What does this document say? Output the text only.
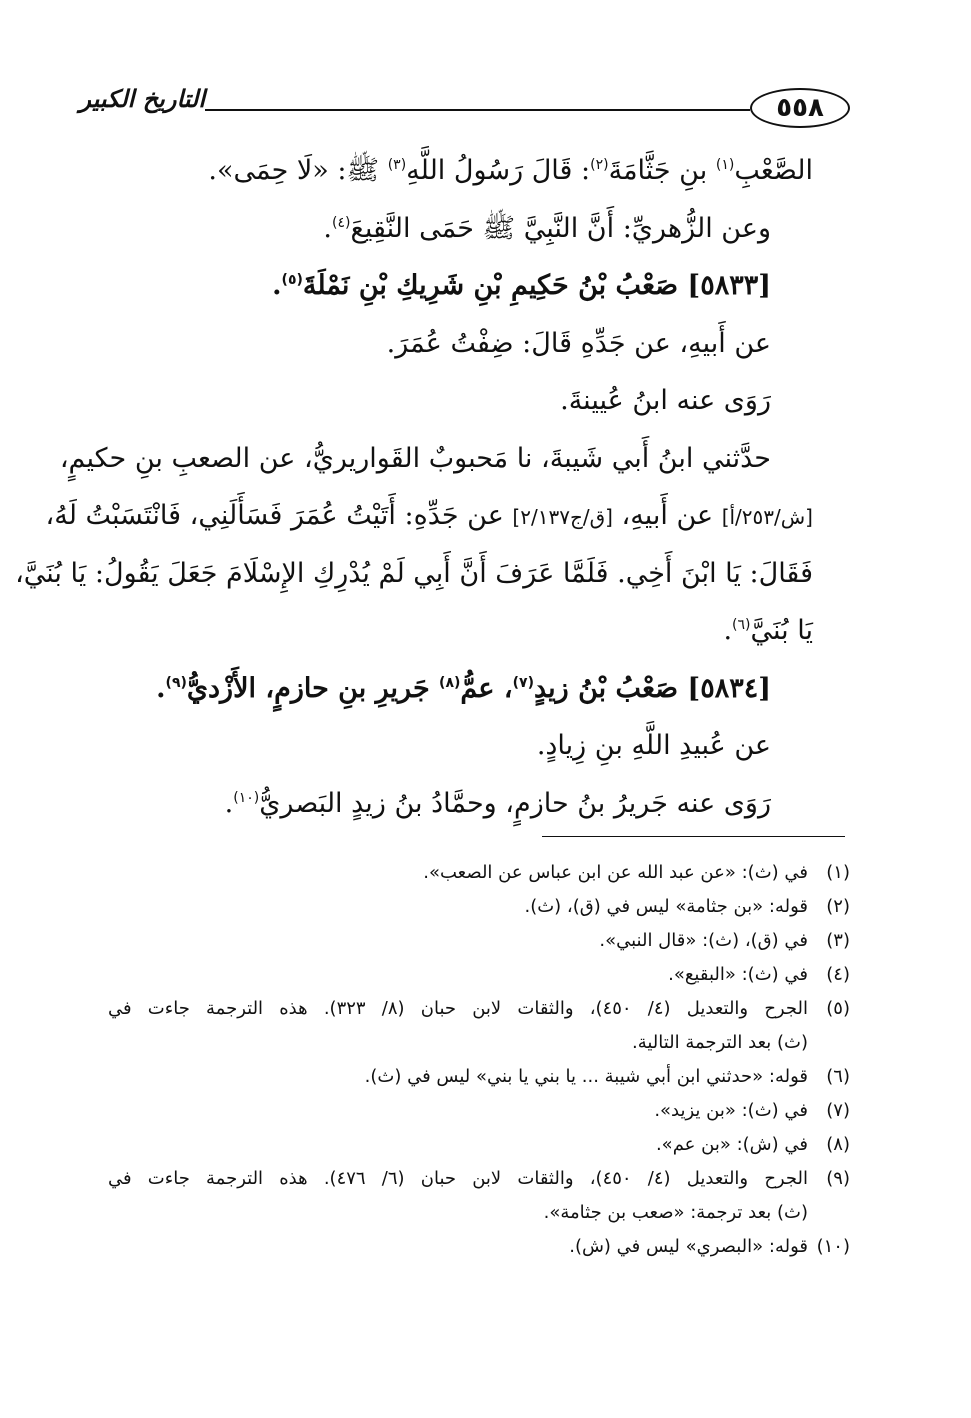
٥٥٨
التاريخ الكبير
الصَّعْبِ$^{(١)}$ بنِ جَثَّامَةَ$^{(٢)}$: قَالَ رَسُولُ اللَّهِ$^{(٣)}$ ﷺ: «لَا حِمَى».
وعن الزُّهريِّ: أَنَّ النَّبِيَّ ﷺ حَمَى النَّقِيعَ$^{(٤)}$.
[٥٨٣٣] صَعْبُ بْنُ حَكِيمِ بْنِ شَرِيكِ بْنِ نَمْلَةَ$^{(٥)}$.
عن أَبيهِ، عن جَدِّهِ قَالَ: ضِفْتُ عُمَرَ.
رَوَى عنه ابنُ عُيينةَ.
حدَّثني ابنُ أَبي شَيبةَ، نا مَحبوبٌ القَواريريُّ، عن الصعبِ بنِ حكيمٍ،
[ش/٢٥٣/أ] عن أَبيهِ، [ق/ج٢/١٣٧] عن جَدِّهِ: أَتَيْتُ عُمَرَ فَسَأَلَنِي، فَانْتَسَبْتُ لَهُ،
فَقَالَ: يَا ابْنَ أَخِي. فَلَمَّا عَرَفَ أَنَّ أَبِي لَمْ يُدْرِكِ الإِسْلَامَ جَعَلَ يَقُولُ: يَا بُنَيَّ،
يَا بُنَيَّ$^{(٦)}$.
[٥٨٣٤] صَعْبُ بْنُ زيدٍ$^{(٧)}$، عمُّ$^{(٨)}$ جَريرِ بنِ حازمٍ، الأَزْديُّ$^{(٩)}$.
عن عُبيدِ اللَّهِ بنِ زِيادٍ.
رَوَى عنه جَريرُ بنُ حازمٍ، وحمَّادُ بنُ زيدٍ البَصريُّ$^{(١٠)}$.
(١)
في (ث): «عن عبد الله عن ابن عباس عن الصعب».
(٢)
قوله: «بن جثامة» ليس في (ق)، (ث).
(٣)
في (ق)، (ث): «قال النبي».
(٤)
في (ث): «البقيع».
(٥)
الجرح والتعديل (٤/ ٤٥٠)، والثقات لابن حبان (٨/ ٣٢٣). هذه الترجمة جاءت في
(ث) بعد الترجمة التالية.
(٦)
قوله: «حدثني ابن أبي شيبة ... يا بني يا بني» ليس في (ث).
(٧)
في (ث): «بن يزيد».
(٨)
في (ش): «بن عم».
(٩)
الجرح والتعديل (٤/ ٤٥٠)، والثقات لابن حبان (٦/ ٤٧٦). هذه الترجمة جاءت في
(ث) بعد ترجمة: «صعب بن جثامة».
(١٠)
قوله: «البصري» ليس في (ش).
